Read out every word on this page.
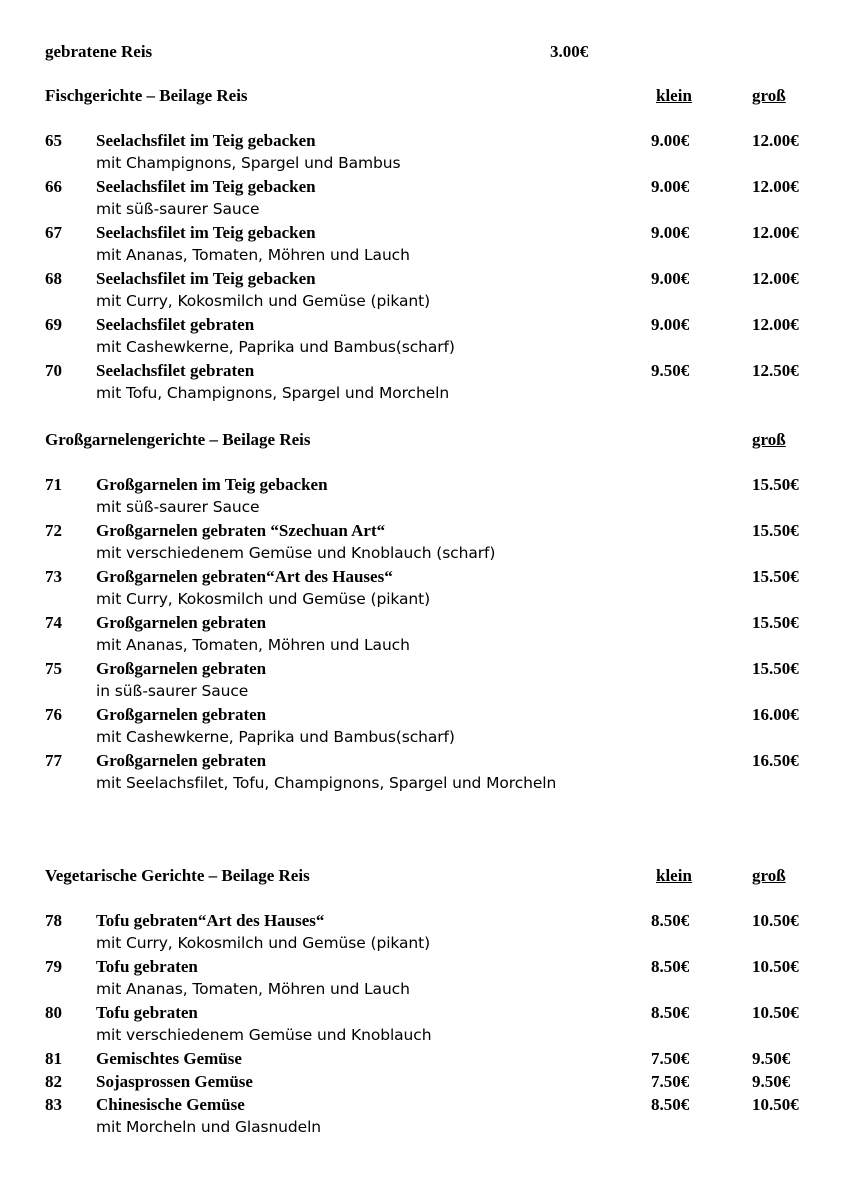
gebratene Reis	3.00€
Fischgerichte – Beilage Reis	klein	groß
65 Seelachsfilet im Teig gebacken	9.00€	12.00€
mit Champignons, Spargel und Bambus
66 Seelachsfilet im Teig gebacken	9.00€	12.00€
mit süß-saurer Sauce
67 Seelachsfilet im Teig gebacken	9.00€	12.00€
mit Ananas, Tomaten, Möhren und Lauch
68 Seelachsfilet im Teig gebacken	9.00€	12.00€
mit Curry, Kokosmilch und Gemüse (pikant)
69 Seelachsfilet gebraten	9.00€	12.00€
mit Cashewkerne, Paprika und Bambus(scharf)
70 Seelachsfilet gebraten	9.50€	12.50€
mit Tofu, Champignons, Spargel und Morcheln
Großgarnelengerichte – Beilage Reis	groß
71 Großgarnelen im Teig gebacken	15.50€
mit süß-saurer Sauce
72 Großgarnelen gebraten “Szechuan Art“	15.50€
mit verschiedenem Gemüse und Knoblauch (scharf)
73 Großgarnelen gebraten“Art des Hauses“	15.50€
mit Curry, Kokosmilch und Gemüse (pikant)
74 Großgarnelen gebraten	15.50€
mit Ananas, Tomaten, Möhren und Lauch
75 Großgarnelen gebraten	15.50€
in süß-saurer Sauce
76 Großgarnelen gebraten	16.00€
mit Cashewkerne, Paprika und Bambus(scharf)
77 Großgarnelen gebraten	16.50€
mit Seelachsfilet, Tofu, Champignons, Spargel und Morcheln
Vegetarische Gerichte – Beilage Reis	klein	groß
78 Tofu gebraten“Art des Hauses“	8.50€	10.50€
mit Curry, Kokosmilch und Gemüse (pikant)
79 Tofu gebraten	8.50€	10.50€
mit Ananas, Tomaten, Möhren und Lauch
80 Tofu gebraten	8.50€	10.50€
mit verschiedenem Gemüse und Knoblauch
81 Gemischtes Gemüse	7.50€	9.50€
82 Sojasprossen Gemüse	7.50€	9.50€
83 Chinesische Gemüse	8.50€	10.50€
mit Morcheln und Glasnudeln
